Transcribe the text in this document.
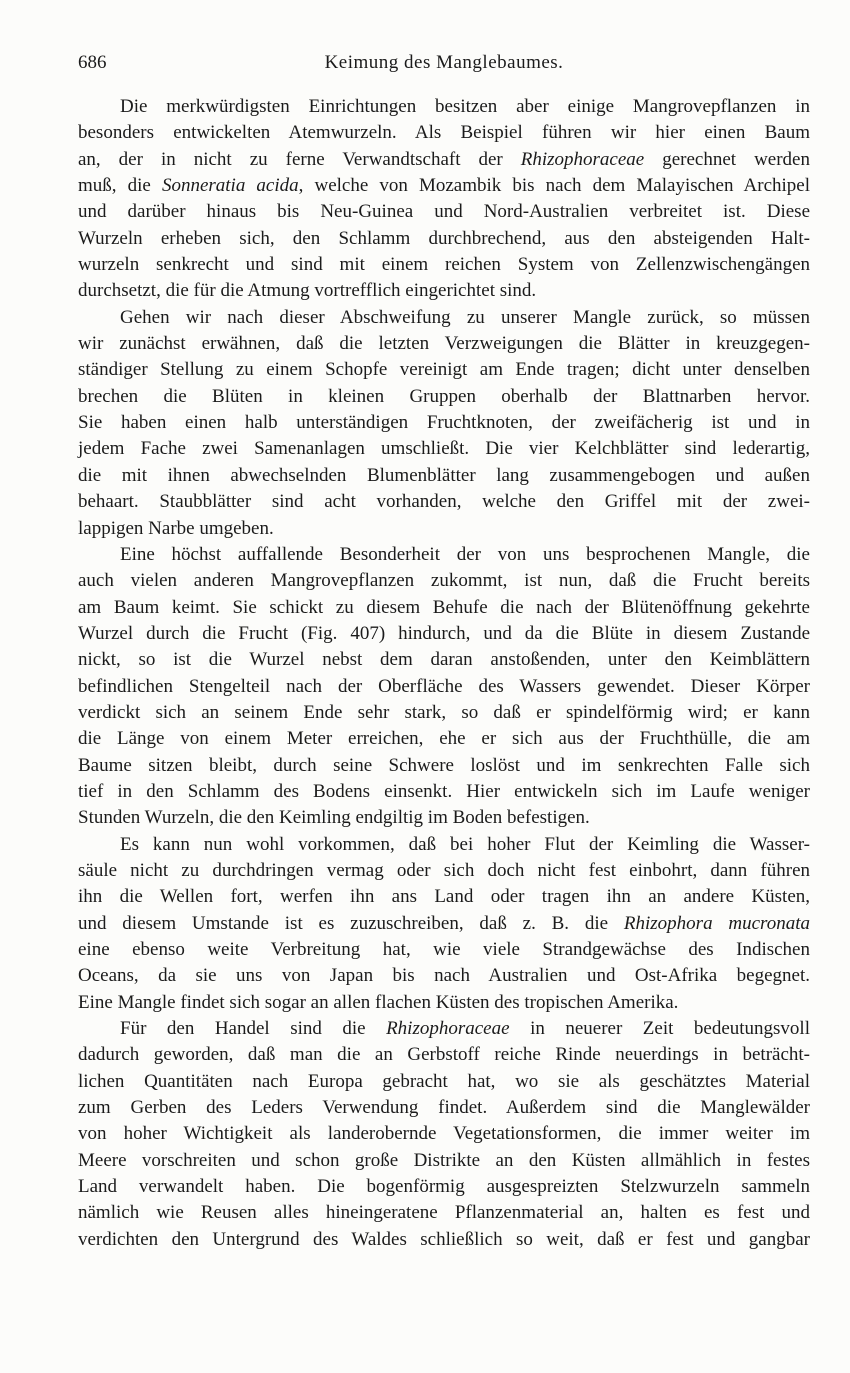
686	Keimung des Manglebaumes.
Die merkwürdigsten Einrichtungen besitzen aber einige Mangrovepflanzen in
besonders entwickelten Atemwurzeln. Als Beispiel führen wir hier einen Baum
an, der in nicht zu ferne Verwandtschaft der Rhizophoraceae gerechnet werden
muß, die Sonneratia acida, welche von Mozambik bis nach dem Malayischen Archipel
und darüber hinaus bis Neu-Guinea und Nord-Australien verbreitet ist. Diese
Wurzeln erheben sich, den Schlamm durchbrechend, aus den absteigenden Halt-
wurzeln senkrecht und sind mit einem reichen System von Zellenzwischengängen
durchsetzt, die für die Atmung vortrefflich eingerichtet sind.
Gehen wir nach dieser Abschweifung zu unserer Mangle zurück, so müssen
wir zunächst erwähnen, daß die letzten Verzweigungen die Blätter in kreuzgegen-
ständiger Stellung zu einem Schopfe vereinigt am Ende tragen; dicht unter denselben
brechen die Blüten in kleinen Gruppen oberhalb der Blattnarben hervor.
Sie haben einen halb unterständigen Fruchtknoten, der zweifächerig ist und in
jedem Fache zwei Samenanlagen umschließt. Die vier Kelchblätter sind lederartig,
die mit ihnen abwechselnden Blumenblätter lang zusammengebogen und außen
behaart. Staubblätter sind acht vorhanden, welche den Griffel mit der zwei-
lappigen Narbe umgeben.
Eine höchst auffallende Besonderheit der von uns besprochenen Mangle, die
auch vielen anderen Mangrovepflanzen zukommt, ist nun, daß die Frucht bereits
am Baum keimt. Sie schickt zu diesem Behufe die nach der Blütenöffnung gekehrte
Wurzel durch die Frucht (Fig. 407) hindurch, und da die Blüte in diesem Zustande
nickt, so ist die Wurzel nebst dem daran anstoßenden, unter den Keimblättern
befindlichen Stengelteil nach der Oberfläche des Wassers gewendet. Dieser Körper
verdickt sich an seinem Ende sehr stark, so daß er spindelförmig wird; er kann
die Länge von einem Meter erreichen, ehe er sich aus der Fruchthülle, die am
Baume sitzen bleibt, durch seine Schwere loslöst und im senkrechten Falle sich
tief in den Schlamm des Bodens einsenkt. Hier entwickeln sich im Laufe weniger
Stunden Wurzeln, die den Keimling endgiltig im Boden befestigen.
Es kann nun wohl vorkommen, daß bei hoher Flut der Keimling die Wasser-
säule nicht zu durchdringen vermag oder sich doch nicht fest einbohrt, dann führen
ihn die Wellen fort, werfen ihn ans Land oder tragen ihn an andere Küsten,
und diesem Umstande ist es zuzuschreiben, daß z. B. die Rhizophora mucronata
eine ebenso weite Verbreitung hat, wie viele Strandgewächse des Indischen
Oceans, da sie uns von Japan bis nach Australien und Ost-Afrika begegnet.
Eine Mangle findet sich sogar an allen flachen Küsten des tropischen Amerika.
Für den Handel sind die Rhizophoraceae in neuerer Zeit bedeutungsvoll
dadurch geworden, daß man die an Gerbstoff reiche Rinde neuerdings in beträcht-
lichen Quantitäten nach Europa gebracht hat, wo sie als geschätztes Material
zum Gerben des Leders Verwendung findet. Außerdem sind die Manglewälder
von hoher Wichtigkeit als landerobernde Vegetationsformen, die immer weiter im
Meere vorschreiten und schon große Distrikte an den Küsten allmählich in festes
Land verwandelt haben. Die bogenförmig ausgespreizten Stelzwurzeln sammeln
nämlich wie Reusen alles hineingeratene Pflanzenmaterial an, halten es fest und
verdichten den Untergrund des Waldes schließlich so weit, daß er fest und gangbar
